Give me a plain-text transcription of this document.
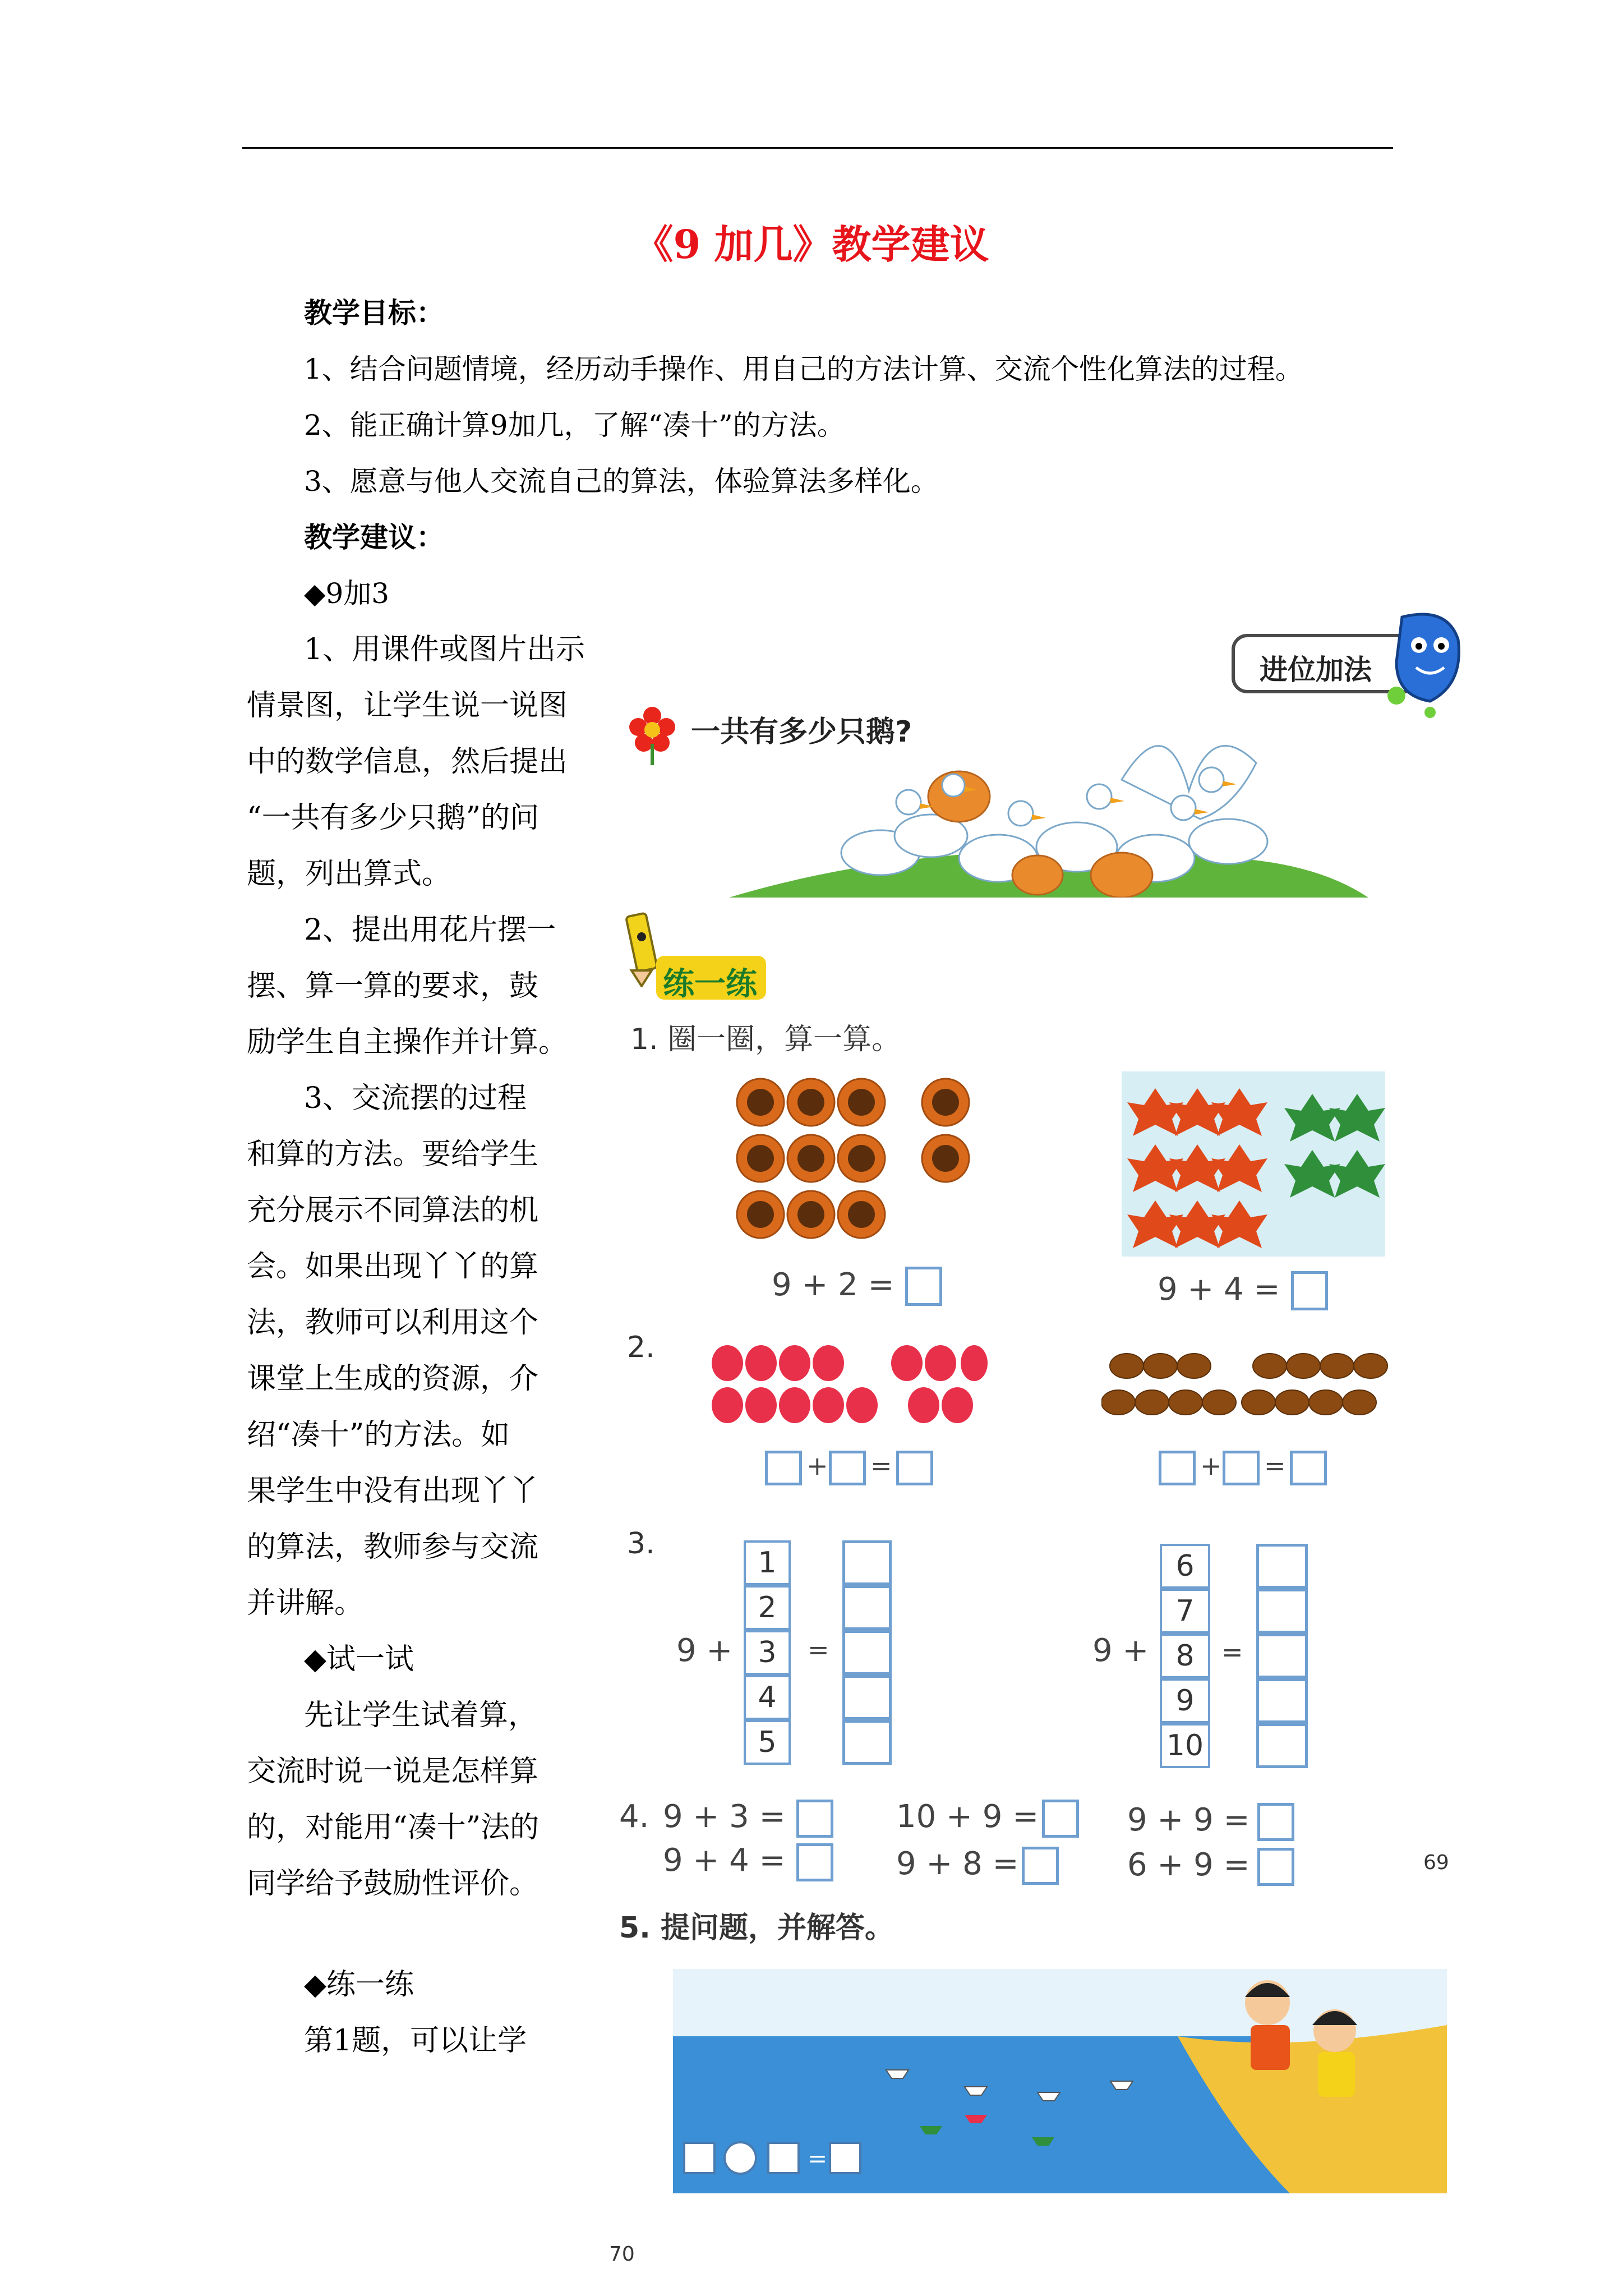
《9 加几》教学建议
教学目标：
1、结合问题情境，经历动手操作、用自己的方法计算、交流个性化算法的过程。
2、能正确计算9加几，了解“凑十”的方法。
3、愿意与他人交流自己的算法，体验算法多样化。
教学建议：
◆9加3
1、用课件或图片出示
情景图，让学生说一说图
中的数学信息，然后提出
“一共有多少只鹅”的问
题，列出算式。
2、提出用花片摆一
摆、算一算的要求，鼓
励学生自主操作并计算。
3、交流摆的过程
和算的方法。要给学生
充分展示不同算法的机
会。如果出现丫丫的算
法，教师可以利用这个
课堂上生成的资源，介
绍“凑十”的方法。如
果学生中没有出现丫丫
的算法，教师参与交流
并讲解。
◆试一试
先让学生试着算，
交流时说一说是怎样算
的，对能用“凑十”法的
同学给予鼓励性评价。
◆练一练
第1题，可以让学
一共有多少只鹅?
进位加法
练一练
1. 圈一圈，算一算。
9 + 2 =	9 + 4 =
2.
+ =	+ =
3.
9 +
1
2
3
4
5
=	9 +
6
7
8
9
10
=
4. 9 + 3 =	10 + 9 =	9 + 9 =
9 + 4 =	9 + 8 =	6 + 9 =	69
5. 提问题，并解答。
=
70
